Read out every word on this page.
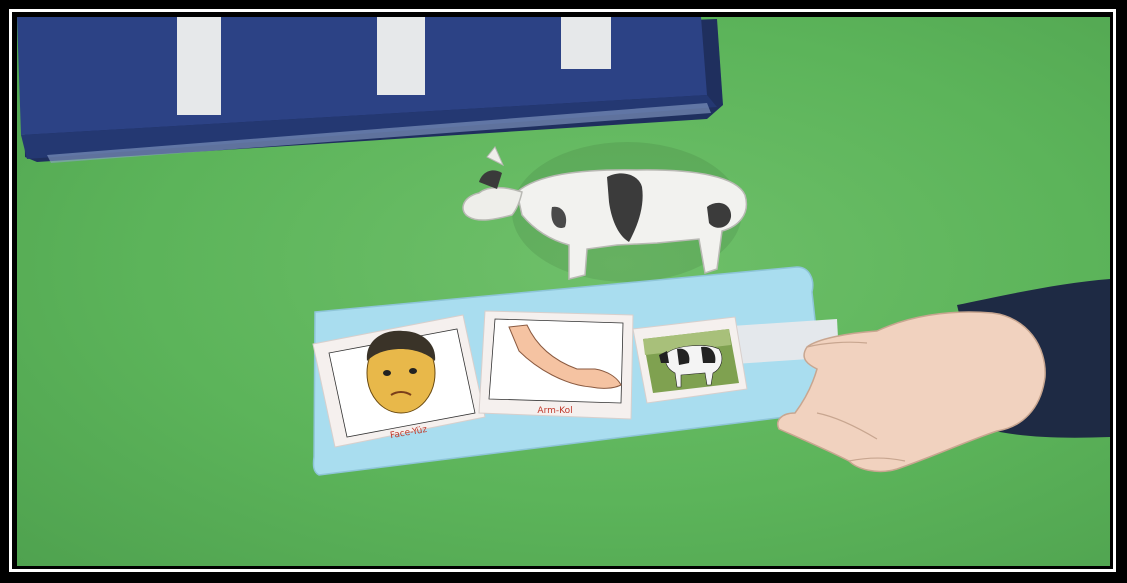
Face-Yüz
Arm-Kol
